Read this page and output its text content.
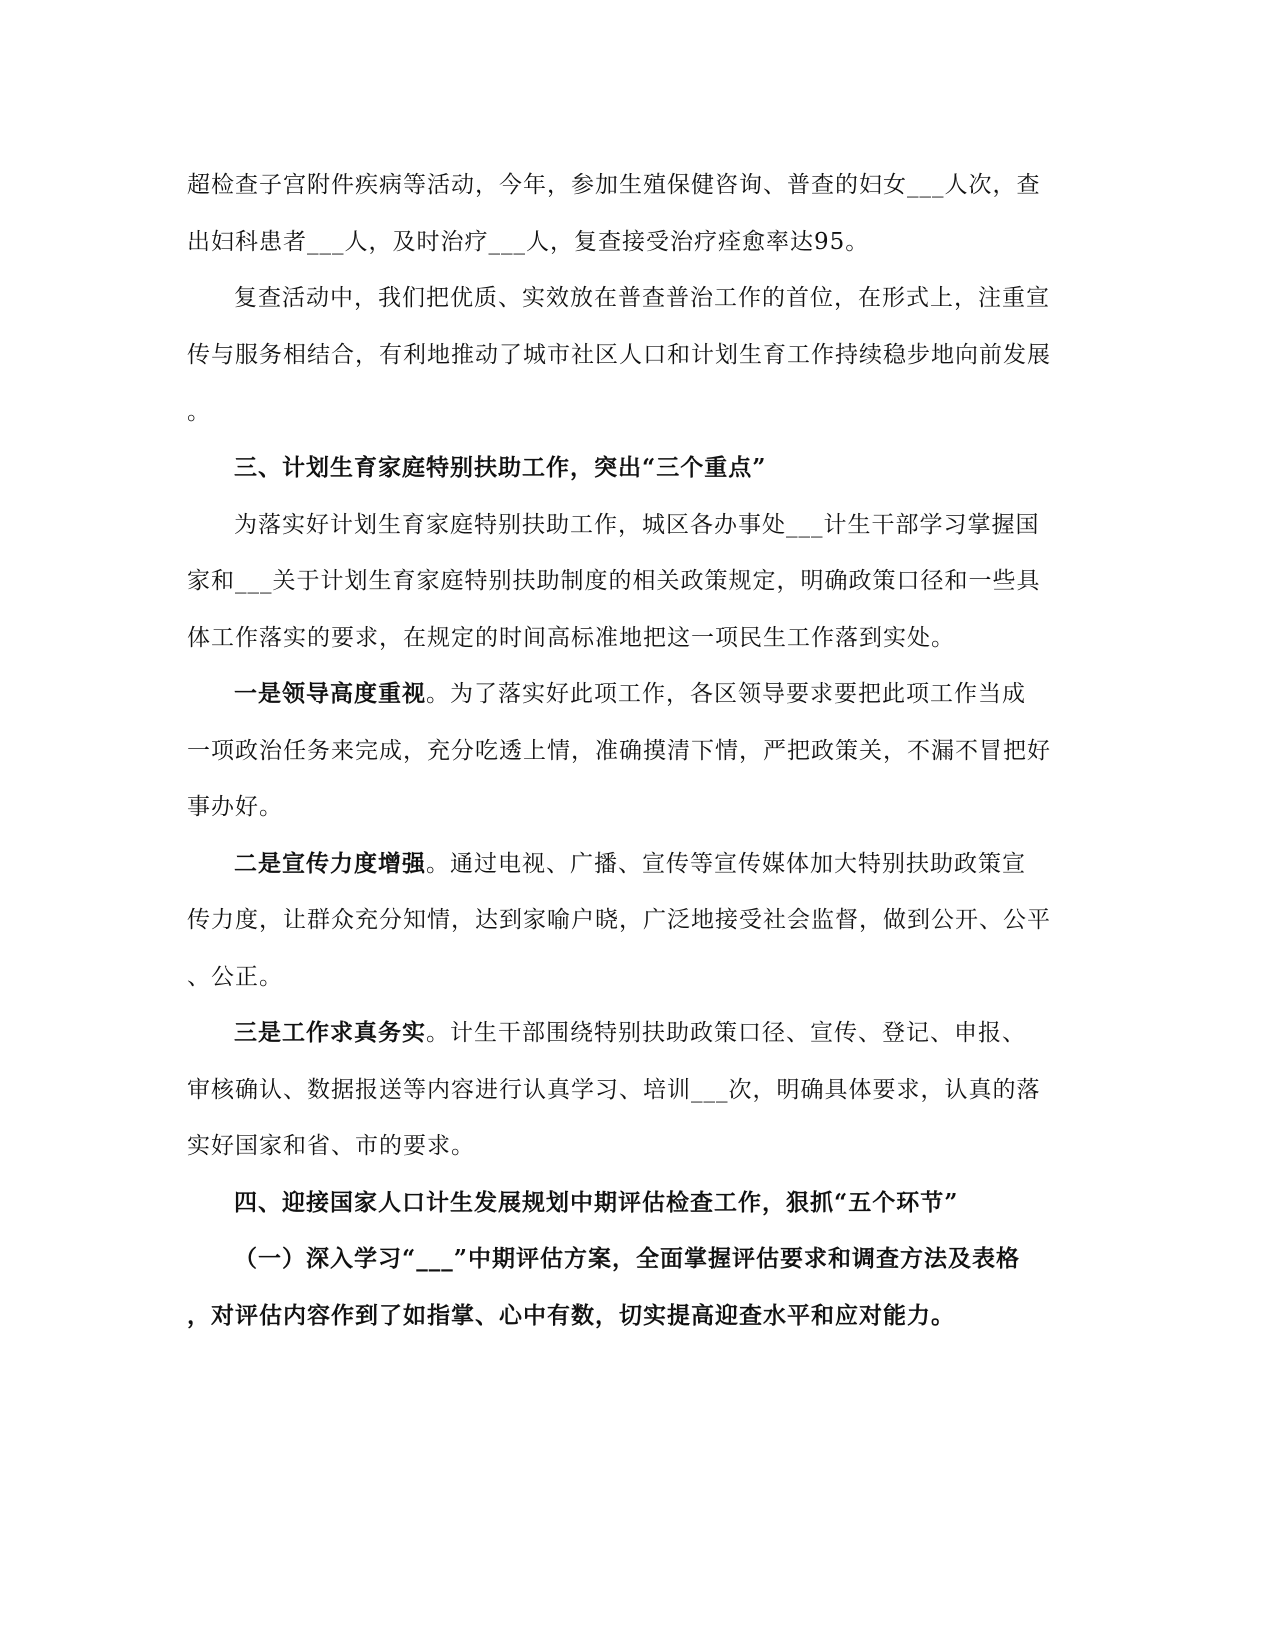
超检查子宫附件疾病等活动，今年，参加生殖保健咨询、普查的妇女___人次，查
出妇科患者___人，及时治疗___人，复查接受治疗痊愈率达95。
复查活动中，我们把优质、实效放在普查普治工作的首位，在形式上，注重宣
传与服务相结合，有利地推动了城市社区人口和计划生育工作持续稳步地向前发展
。
三、计划生育家庭特别扶助工作，突出“三个重点”
为落实好计划生育家庭特别扶助工作，城区各办事处___计生干部学习掌握国
家和___关于计划生育家庭特别扶助制度的相关政策规定，明确政策口径和一些具
体工作落实的要求，在规定的时间高标准地把这一项民生工作落到实处。
一是领导高度重视。为了落实好此项工作，各区领导要求要把此项工作当成
一项政治任务来完成，充分吃透上情，准确摸清下情，严把政策关，不漏不冒把好
事办好。
二是宣传力度增强。通过电视、广播、宣传等宣传媒体加大特别扶助政策宣
传力度，让群众充分知情，达到家喻户晓，广泛地接受社会监督，做到公开、公平
、公正。
三是工作求真务实。计生干部围绕特别扶助政策口径、宣传、登记、申报、
审核确认、数据报送等内容进行认真学习、培训___次，明确具体要求，认真的落
实好国家和省、市的要求。
四、迎接国家人口计生发展规划中期评估检查工作，狠抓“五个环节”
（一）深入学习“___”中期评估方案，全面掌握评估要求和调查方法及表格
，对评估内容作到了如指掌、心中有数，切实提高迎查水平和应对能力。
